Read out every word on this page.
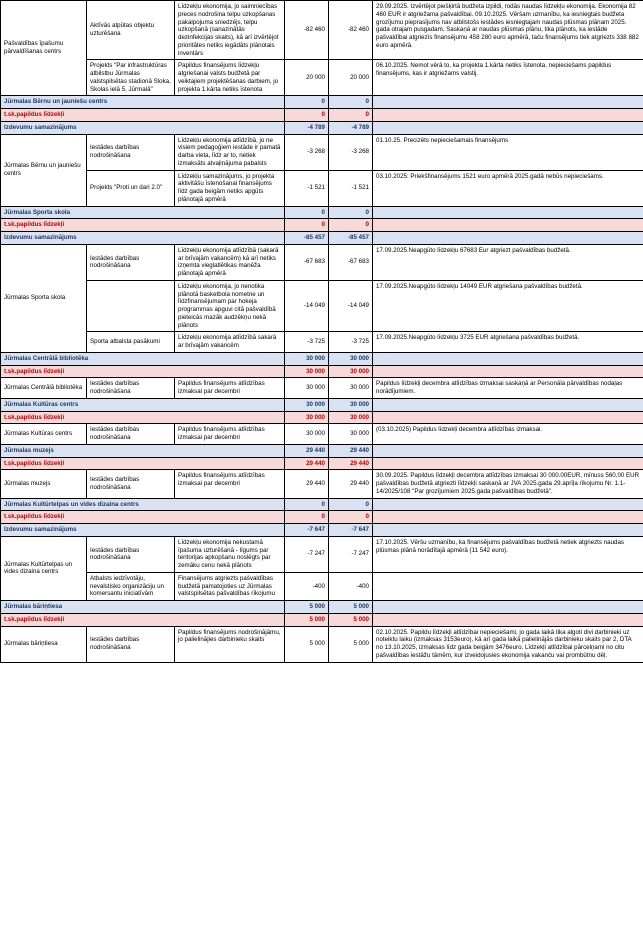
Pašvaldības īpašumu pārvaldīšanas centrs	Aktīvās atpūtas objektu uzturēšana	Līdzekļu ekonomija, jo saimniecības preces nodrošina telpu uzkopšanas pakalpojuma sniedzējs, telpu uzkopšanā (sanazinātās dezinfekcijas skaits), kā arī izvērtējot prioritātes netiks iegādāts plānotais inventārs	-82 460	-82 460	29.09.2025. Izvērtējot piešķirtā budžeta izpildi, rodās naudas līdzekļu ekonomija. Ekonomija 82 460 EUR ir atgriežama pašvaldībai. 09.10.2025. Vēršam uzmanību, ka iesniegtais budžeta grozījumu pieprasījums nav atbilstošs iestādes iesniegtajam naudas plūsmas plānam 2025. gada otrajam pusgadam. Saskaņā ar naudas plūsmas plānu, tika plānots, ka iestāde pašvaldībai atgriezīs finansējumu 458 280 euro apmērā, taču finansējums tiek atgriezts 338 882 euro apmērā.
	Projekts "Par infrastruktūras atbilstbu Jūrmalas valstspilsētas stadionā Sloka, Skolas ielā 5, Jūrmalā"	Papildus finansējums līdzekļu atgriešanai valsts budžetā par veiktajiem projektēšanas darbiem, jo projekta 1.kārta netiks īstenota	20 000	20 000	06.10.2025. Nemot vērā to, ka projekta 1.kārta netiks īstenota, nepieciešams papildus finansējums, kas ir atgriežams valstij.
Jūrmalas Bērnu un jauniešu centrs			0	0	
t.sk.papildus līdzekļi			0	0	
Izdevumu samazinājums			-4 789	-4 789	
Jūrmalas Bērnu un jauniešu centrs	Iestādes darbības nodrošināšana	Līdzekļu ekonomija atlīdzībā, jo ne visiem pedagoģiem iestāde ir pamatā darba vieta, līdz ar to, netiek izmaksāts atvaļinājuma pabalsts	-3 268	-3 268	01.10.25. Precizēts nepieciešamais finansējums
	Projekts "Proti un dari 2.0"	Līdzekļu samazinājums, jo projekta aktivitāšu īstenošanai finansējums līdz gada beigām netiks apgūts plānotajā apmērā	-1 521	-1 521	03.10.2025: Priekšfinansējums 1521 euro apmērā 2025.gadā nebūs nepieciešams.
Jūrmalas Sporta skola			0	0	
t.sk.papildus līdzekļi			0	0	
Izdevumu samazinājums			-85 457	-85 457	
Jūrmalas Sporta skola	Iestādes darbības nodrošināšana	Līdzekļu ekonomija atlīdzībā (sakarā ar brīvajām vakancēm) kā arī netiks izņemta vieglatlētikas manēža plānotajā apmērā	-67 683	-67 683	17.09.2025.Neapgūto līdzekļu 67683 Eur atgriezt pašvaldības budžetā.
		Līdzekļu ekonomija, jo nenotika plānotā basketbola nometne un līdzfinansējumam par hokeja programmas apguvi citā pašvaldībā pieteicās mazāk audzēkņu nekā plānots	-14 049	-14 049	17.09.2025.Neapgūto līdzekļu 14049 EUR atgriešana pašvaldības budžetā.
	Sporta atbalsta pasākumi	Līdzekļu ekonomija atlīdzībā sakarā ar brīvajām vakancēm	-3 725	-3 725	17.09.2025.Neapgūto līdzekļu 3725 EUR atgriešana pašvaldības budžetā.
Jūrmalas Centrālā bibliotēka			30 000	30 000	
t.sk.papildus līdzekļi			30 000	30 000	
Jūrmalas Centrālā bibliotēka	Iestādes darbības nodrošināšana	Papildus finansējums atlīdzības izmaksai par decembri	30 000	30 000	Papildus līdzekļi decembra atlīdzības izmaksai saskaņā ar Personāla pārvaldības nodaļas norādījumiem.
Jūrmalas Kultūras centrs			30 000	30 000	
t.sk.papildus līdzekļi			30 000	30 000	
Jūrmalas Kultūras centrs	Iestādes darbības nodrošināšana	Papildus finansējums atlīdzības izmaksai par decembri	30 000	30 000	(03.10.2025) Papildus līdzekļi decembra atlīdzības izmaksai.
Jūrmalas muzejs			29 440	29 440	
t.sk.papildus līdzekļi			29 440	29 440	
Jūrmalas muzejs	Iestādes darbības nodrošināšana	Papildus finansējums atlīdzības izmaksai par decembri	29 440	29 440	30.09.2025. Papildus līdzekļi decembra atlīdzības izmaksai 30 000.00EUR, mīnuss 560,00 EUR pašvaldības budžetā atgriezti līdzekļi saskaņā ar JVA 2025.gada 29.aprīļa rīkojumu Nr. 1.1-14/2025/108 "Par grozījumiem 2025.gada pašvaldības budžetā".
Jūrmalas Kultūrtelpas un vides dizaina centrs			0	0	
t.sk.papildus līdzekļi			0	0	
Izdevumu samazinājums			-7 647	-7 647	
Jūrmalas Kultūrtelpas un vides dizaina centrs	Iestādes darbības nodrošināšana	Līdzekļu ekonomija nekustamā īpašuma uzturēšanā - līgums par teritorijas apkopšanu noslēgts par zemāku cenu nekā plānots	-7 247	-7 247	17.10.2025. Vēršu uzmanību, ka finansējums pašvaldības budžetā netiek atgriezts naudas plūsmas plānā norādītajā apmērā (11 542 euro).
	Atbalsts iedzīvotāju, nevalstisko organizāciju un komersantu iniciatīvām	Finansējums atgriezts pašvaldības budžetā pamatojoties uz Jūrmalas valstspilsētas pašvaldības rīkojumu	-400	-400	
Jūrmalas bāriņtiesa			5 000	5 000	
t.sk.papildus līdzekļi			5 000	5 000	
Jūrmalas bāriņtiesa	Iestādes darbības nodrošināšana	Papildus finansējums nodrošinājāmu, jo palielinājies darbinieku skaits	5 000	5 000	02.10.2025. Papildu līdzekļi atlīdzībai nepieciešami, jo gada laikā tika algoti divi darbinieki uz noteiktu laiku (izmaksas 3153euro), kā arī gada laikā palielinājās darbinieku skaits par 2, DTA no 13.10.2025, izmaksas līdz gada beigām 3476euro. Līdzekļi atlīdzībai pārcelņami no citu pašvaldības iestāžu tāmēm, kur izveidojusies ekonomija vakanču vai prombūtnu dēļ.
